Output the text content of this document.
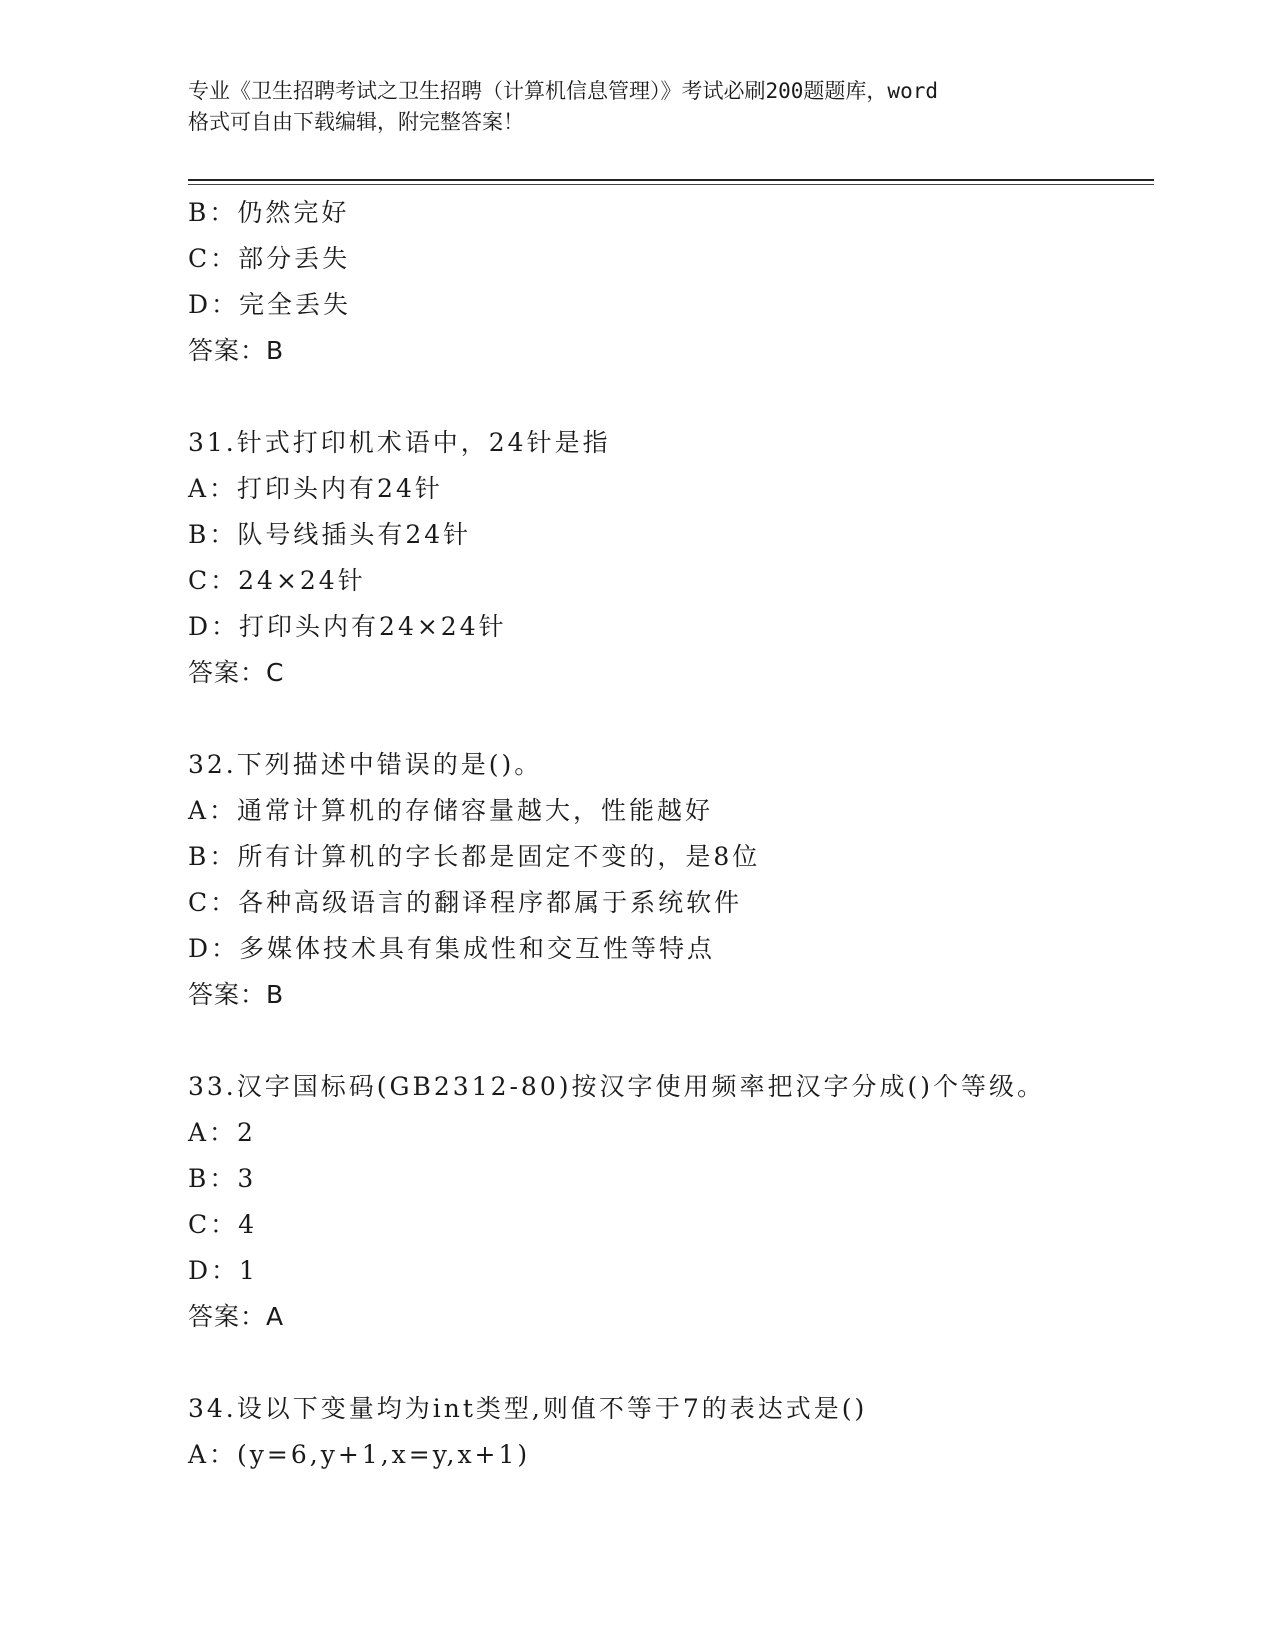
专业《卫生招聘考试之卫生招聘（计算机信息管理）》考试必刷200题题库，word
格式可自由下载编辑，附完整答案！
B：仍然完好
C：部分丢失
D：完全丢失
答案：B
31.针式打印机术语中，24针是指
A：打印头内有24针
B：队号线插头有24针
C：24×24针
D：打印头内有24×24针
答案：C
32.下列描述中错误的是()。
A：通常计算机的存储容量越大，性能越好
B：所有计算机的字长都是固定不变的，是8位
C：各种高级语言的翻译程序都属于系统软件
D：多媒体技术具有集成性和交互性等特点
答案：B
33.汉字国标码(GB2312-80)按汉字使用频率把汉字分成()个等级。
A：2
B：3
C：4
D：1
答案：A
34.设以下变量均为int类型,则值不等于7的表达式是()
A：(y=6,y+1,x=y,x+1)
